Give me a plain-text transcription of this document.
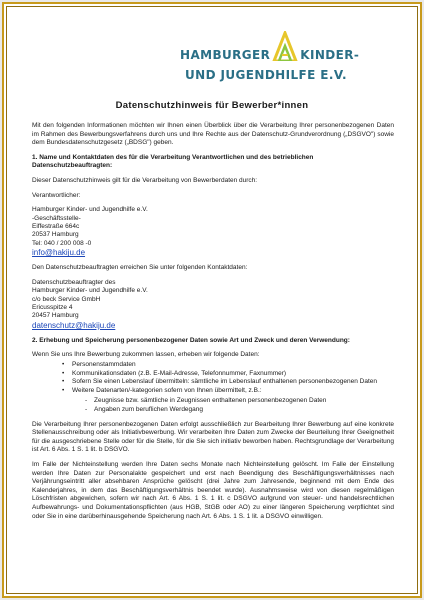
HAMBURGER	KINDER-
UND JUGENDHILFE E.V.
Datenschutzhinweis für Bewerber*innen

Mit den folgenden Informationen möchten wir Ihnen einen Überblick über die Verarbeitung Ihrer personenbezogenen Daten im Rahmen des Bewerbungsverfahrens durch uns und Ihre Rechte aus der Datenschutz-Grundverordnung („DSGVO") sowie dem Bundesdatenschutzgesetz („BDSG") geben.

1. Name und Kontaktdaten des für die Verarbeitung Verantwortlichen und des betrieblichen Datenschutzbeauftragten:

Dieser Datenschutzhinweis gilt für die Verarbeitung von Bewerberdaten durch:

Verantwortlicher:

Hamburger Kinder- und Jugendhilfe e.V.
-Geschäftsstelle-
Eiffestraße 664c
20537 Hamburg
Tel: 040 / 200 008 -0
info@hakiju.de

Den Datenschutzbeauftragten erreichen Sie unter folgenden Kontaktdaten:

Datenschutzbeauftragter des
Hamburger Kinder- und Jugendhilfe e.V.
c/o beck Service GmbH
Ericusspitze 4
20457 Hamburg
datenschutz@hakiju.de

2. Erhebung und Speicherung personenbezogener Daten sowie Art und Zweck und deren Verwendung:

Wenn Sie uns Ihre Bewerbung zukommen lassen, erheben wir folgende Daten:

• Personenstammdaten
• Kommunikationsdaten (z.B. E-Mail-Adresse, Telefonnummer, Faxnummer)
• Sofern Sie einen Lebenslauf übermitteln: sämtliche im Lebenslauf enthaltenen personenbezogenen Daten
• Weitere Datenarten/-kategorien sofern von Ihnen übermittelt, z.B.:
- Zeugnisse bzw. sämtliche in Zeugnissen enthaltenen personenbezogenen Daten
- Angaben zum beruflichen Werdegang

Die Verarbeitung Ihrer personenbezogenen Daten erfolgt ausschließlich zur Bearbeitung Ihrer Bewerbung auf eine konkrete Stellenausschreibung oder als Initiativbewerbung. Wir verarbeiten Ihre Daten zum Zwecke der Beurteilung Ihrer Geeignetheit für die ausgeschriebene Stelle oder für die Stelle, für die Sie sich initiativ beworben haben. Rechtsgrundlage der Verarbeitung ist Art. 6 Abs. 1 S. 1 lit. b DSGVO.

Im Falle der Nichteinstellung werden Ihre Daten sechs Monate nach Nichteinstellung gelöscht. Im Falle der Einstellung werden Ihre Daten zur Personalakte gespeichert und erst nach Beendigung des Beschäftigungsverhältnisses nach Verjährungseintritt aller absehbaren Ansprüche gelöscht (drei Jahre zum Jahresende, beginnend mit dem Ende des Kalenderjahres, in dem das Beschäftigungsverhältnis beendet wurde). Ausnahmsweise wird von diesen regelmäßigen Löschfristen abgewichen, sofern wir nach Art. 6 Abs. 1 S. 1 lit. c DSGVO aufgrund von steuer- und handelsrechtlichen Aufbewahrungs- und Dokumentationspflichten (aus HGB, StGB oder AO) zu einer längeren Speicherung verpflichtet sind oder Sie in eine darüberhinausgehende Speicherung nach Art. 6 Abs. 1 S. 1 lit. a DSGVO einwilligen.
